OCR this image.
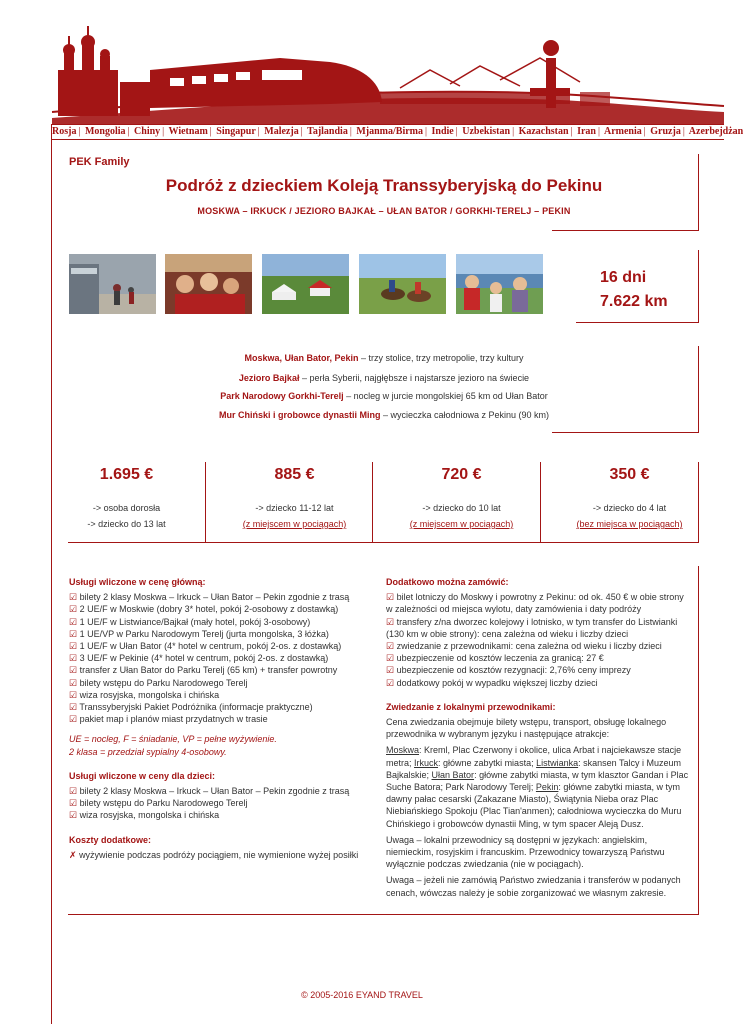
Rosja | Mongolia | Chiny | Wietnam | Singapur | Malezja | Tajlandia | Mjanma/Birma | Indie | Uzbekistan | Kazachstan | Iran | Armenia | Gruzja | Azerbejdżan
PEK Family
Podróż z dzieckiem Koleją Transsyberyjską do Pekinu
MOSKWA – IRKUCK / JEZIORO BAJKAŁ – UŁAN BATOR / GORKHI-TERELJ – PEKIN
16 dni
7.622 km
Moskwa, Ułan Bator, Pekin – trzy stolice, trzy metropolie, trzy kultury
Jezioro Bajkał – perła Syberii, najgłębsze i najstarsze jezioro na świecie
Park Narodowy Gorkhi-Terelj – nocleg w jurcie mongolskiej 65 km od Ułan Bator
Mur Chiński i grobowce dynastii Ming – wycieczka całodniowa z Pekinu (90 km)
1.695 €
-> osoba dorosła
-> dziecko do 13 lat
885 €
-> dziecko 11-12 lat
(z miejscem w pociągach)
720 €
-> dziecko do 10 lat
(z miejscem w pociągach)
350 €
-> dziecko do 4 lat
(bez miejsca w pociągach)
Usługi wliczone w cenę główną:
☑ bilety 2 klasy Moskwa – Irkuck – Ułan Bator – Pekin zgodnie z trasą
☑ 2 UE/F w Moskwie (dobry 3* hotel, pokój 2-osobowy z dostawką)
☑ 1 UE/F w Listwiance/Bajkał (mały hotel, pokój 3-osobowy)
☑ 1 UE/VP w Parku Narodowym Terelj (jurta mongolska, 3 łóżka)
☑ 1 UE/F w Ułan Bator (4* hotel w centrum, pokój 2-os. z dostawką)
☑ 3 UE/F w Pekinie (4* hotel w centrum, pokój 2-os. z dostawką)
☑ transfer z Ułan Bator do Parku Terelj (65 km) + transfer powrotny
☑ bilety wstępu do Parku Narodowego Terelj
☑ wiza rosyjska, mongolska i chińska
☑ Transsyberyjski Pakiet Podróżnika (informacje praktyczne)
☑ pakiet map i planów miast przydatnych w trasie
UE = nocleg, F = śniadanie, VP = pełne wyżywienie.
2 klasa = przedział sypialny 4-osobowy.
Usługi wliczone w ceny dla dzieci:
☑ bilety 2 klasy Moskwa – Irkuck – Ułan Bator – Pekin zgodnie z trasą
☑ bilety wstępu do Parku Narodowego Terelj
☑ wiza rosyjska, mongolska i chińska
Koszty dodatkowe:
✗ wyżywienie podczas podróży pociągiem, nie wymienione wyżej posiłki
Dodatkowo można zamówić:
☑ bilet lotniczy do Moskwy i powrotny z Pekinu: od ok. 450 € w obie strony w zależności od miejsca wylotu, daty zamówienia i daty podróży
☑ transfery z/na dworzec kolejowy i lotnisko, w tym transfer do Listwianki (130 km w obie strony): cena zależna od wieku i liczby dzieci
☑ zwiedzanie z przewodnikami: cena zależna od wieku i liczby dzieci
☑ ubezpieczenie od kosztów leczenia za granicą: 27 €
☑ ubezpieczenie od kosztów rezygnacji: 2,76% ceny imprezy
☑ dodatkowy pokój w wypadku większej liczby dzieci
Zwiedzanie z lokalnymi przewodnikami:
Cena zwiedzania obejmuje bilety wstępu, transport, obsługę lokalnego przewodnika w wybranym języku i następujące atrakcje:
Moskwa: Kreml, Plac Czerwony i okolice, ulica Arbat i najciekawsze stacje metra; Irkuck: główne zabytki miasta; Listwianka: skansen Talcy i Muzeum Bajkalskie; Ułan Bator: główne zabytki miasta, w tym klasztor Gandan i Plac Suche Batora; Park Narodowy Terelj; Pekin: główne zabytki miasta, w tym dawny pałac cesarski (Zakazane Miasto), Świątynia Nieba oraz Plac Niebiańskiego Spokoju (Plac Tian'anmen); całodniowa wycieczka do Muru Chińskiego i grobowców dynastii Ming, w tym spacer Aleją Dusz.
Uwaga – lokalni przewodnicy są dostępni w językach: angielskim, niemieckim, rosyjskim i francuskim. Przewodnicy towarzyszą Państwu wyłącznie podczas zwiedzania (nie w pociągach).
Uwaga – jeżeli nie zamówią Państwo zwiedzania i transferów w podanych cenach, wówczas należy je sobie zorganizować we własnym zakresie.
© 2005-2016 EYAND TRAVEL
